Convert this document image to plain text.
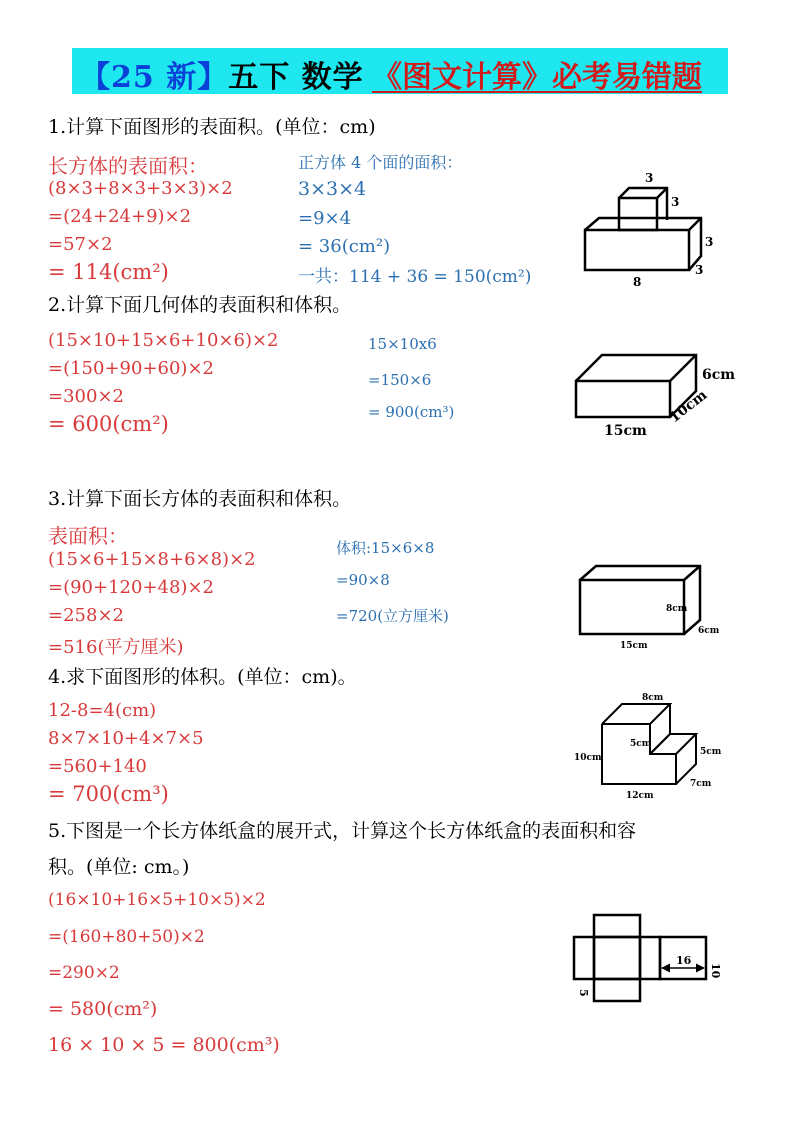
【25 新】五下 数学 《图文计算》必考易错题
1.计算下面图形的表面积。(单位：cm)
长方体的表面积：
(8×3+8×3+3×3)×2
=(24+24+9)×2
=57×2
= 114(cm²)
正方体 4 个面的面积：
3×3×4
=9×4
= 36(cm²)
一共：114 + 36 = 150(cm²)
3
3
3
3
8
2.计算下面几何体的表面积和体积。
(15×10+15×6+10×6)×2
=(150+90+60)×2
=300×2
= 600(cm²)
15×10x6
=150×6
= 900(cm³)
6cm
10cm
15cm
3.计算下面长方体的表面积和体积。
表面积：
(15×6+15×8+6×8)×2
=(90+120+48)×2
=258×2
=516(平方厘米)
体积:15×6×8
=90×8
=720(立方厘米)	8cm
6cm
15cm
4.求下面图形的体积。(单位：cm)。
12-8=4(cm)
8×7×10+4×7×5
=560+140
= 700(cm³)
8cm
5cm
5cm
10cm
7cm
12cm
5.下图是一个长方体纸盒的展开式，计算这个长方体纸盒的表面积和容
积。(单位: cm。)
(16×10+16×5+10×5)×2
=(160+80+50)×2
=290×2
= 580(cm²)
16 × 10 × 5 = 800(cm³)
16
10
5
